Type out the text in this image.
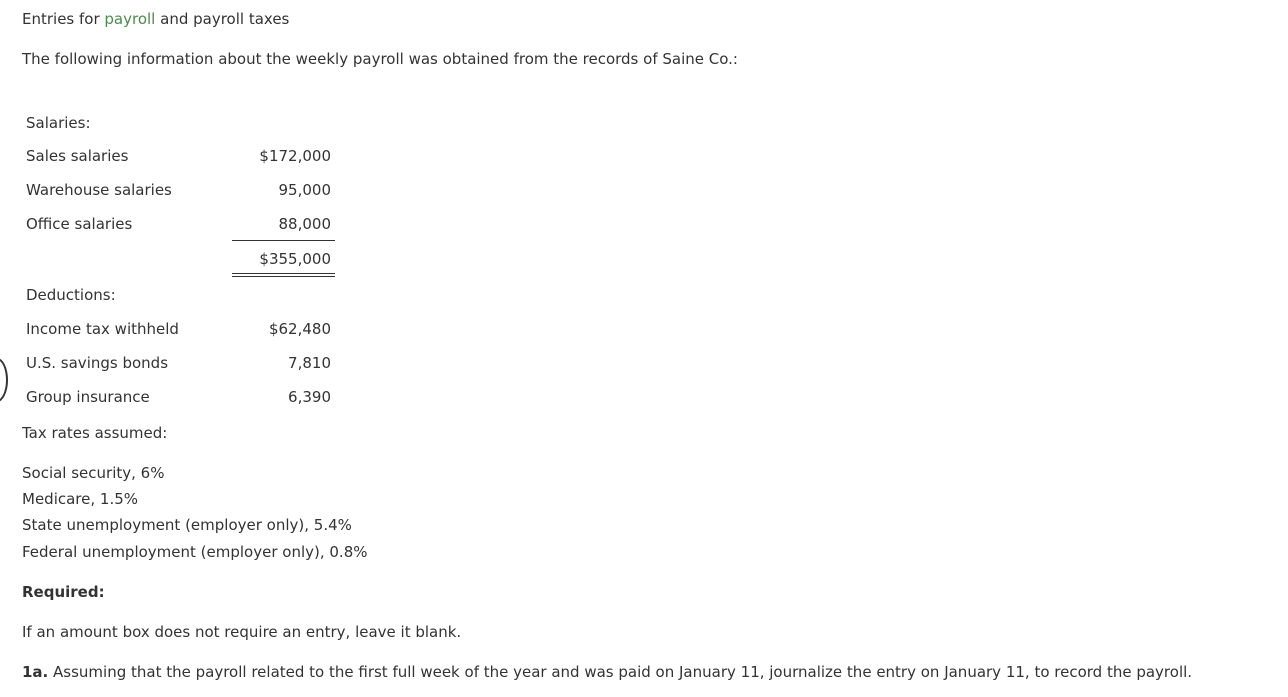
Entries for payroll and payroll taxes
The following information about the weekly payroll was obtained from the records of Saine Co.:
Salaries:
Sales salaries	$172,000
Warehouse salaries	95,000
Office salaries	88,000
$355,000
Deductions:
Income tax withheld	$62,480
U.S. savings bonds	7,810
Group insurance	6,390
Tax rates assumed:
Social security, 6%
Medicare, 1.5%
State unemployment (employer only), 5.4%
Federal unemployment (employer only), 0.8%
Required:
If an amount box does not require an entry, leave it blank.
1a. Assuming that the payroll related to the first full week of the year and was paid on January 11, journalize the entry on January 11, to record the payroll.
